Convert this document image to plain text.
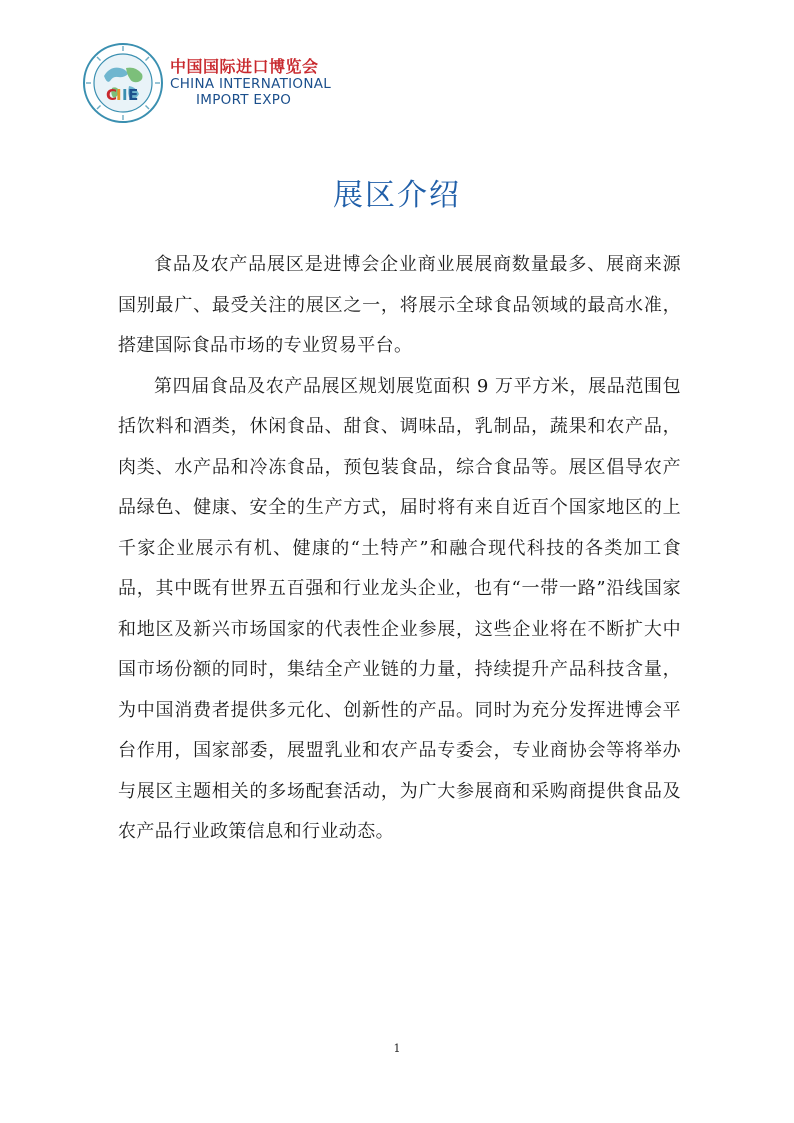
C
I I E
中国国际进口博览会
CHINA INTERNATIONAL
IMPORT EXPO
展区介绍

食品及农产品展区是进博会企业商业展展商数量最多、展商来源国别最广、最受关注的展区之一，将展示全球食品领域的最高水准，搭建国际食品市场的专业贸易平台。

第四届食品及农产品展区规划展览面积 9 万平方米，展品范围包括饮料和酒类，休闲食品、甜食、调味品，乳制品，蔬果和农产品，肉类、水产品和冷冻食品，预包装食品，综合食品等。展区倡导农产品绿色、健康、安全的生产方式，届时将有来自近百个国家地区的上千家企业展示有机、健康的“土特产”和融合现代科技的各类加工食品，其中既有世界五百强和行业龙头企业，也有“一带一路”沿线国家和地区及新兴市场国家的代表性企业参展，这些企业将在不断扩大中国市场份额的同时，集结全产业链的力量，持续提升产品科技含量，为中国消费者提供多元化、创新性的产品。同时为充分发挥进博会平台作用，国家部委，展盟乳业和农产品专委会，专业商协会等将举办与展区主题相关的多场配套活动，为广大参展商和采购商提供食品及农产品行业政策信息和行业动态。

1
